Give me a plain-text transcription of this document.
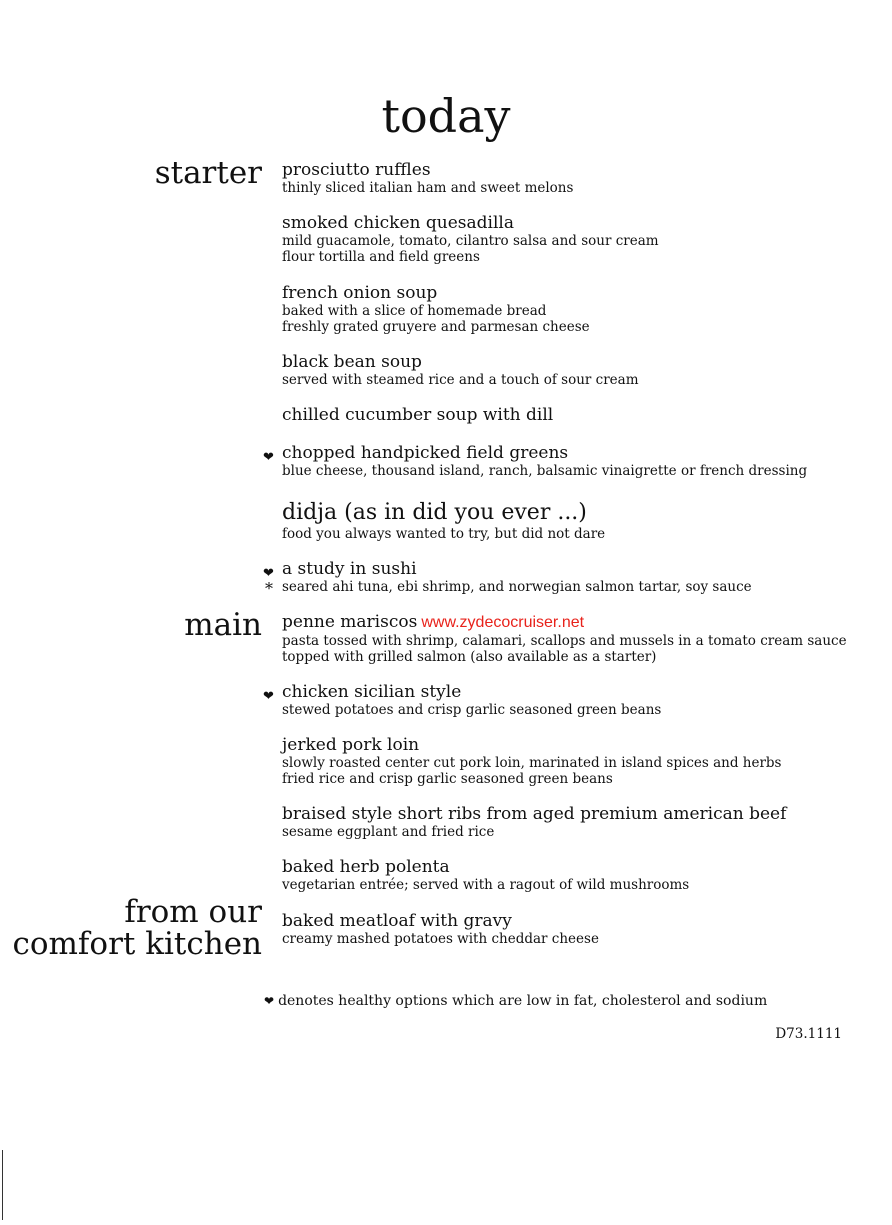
today
starter
main
from our
comfort kitchen
prosciutto ruffles
thinly sliced italian ham and sweet melons
smoked chicken quesadilla
mild guacamole, tomato, cilantro salsa and sour cream
flour tortilla and field greens
french onion soup
baked with a slice of homemade bread
freshly grated gruyere and parmesan cheese
black bean soup
served with steamed rice and a touch of sour cream
chilled cucumber soup with dill
❤ chopped handpicked field greens
blue cheese, thousand island, ranch, balsamic vinaigrette or french dressing
didja (as in did you ever ...)
food you always wanted to try, but did not dare
❤
*
a study in sushi
seared ahi tuna, ebi shrimp, and norwegian salmon tartar, soy sauce
penne mariscos www.zydecocruiser.net
pasta tossed with shrimp, calamari, scallops and mussels in a tomato cream sauce
topped with grilled salmon (also available as a starter)
❤ chicken sicilian style
stewed potatoes and crisp garlic seasoned green beans
jerked pork loin
slowly roasted center cut pork loin, marinated in island spices and herbs
fried rice and crisp garlic seasoned green beans
braised style short ribs from aged premium american beef
sesame eggplant and fried rice
baked herb polenta
vegetarian entrée; served with a ragout of wild mushrooms
baked meatloaf with gravy
creamy mashed potatoes with cheddar cheese
❤ denotes healthy options which are low in fat, cholesterol and sodium
D73.1111
